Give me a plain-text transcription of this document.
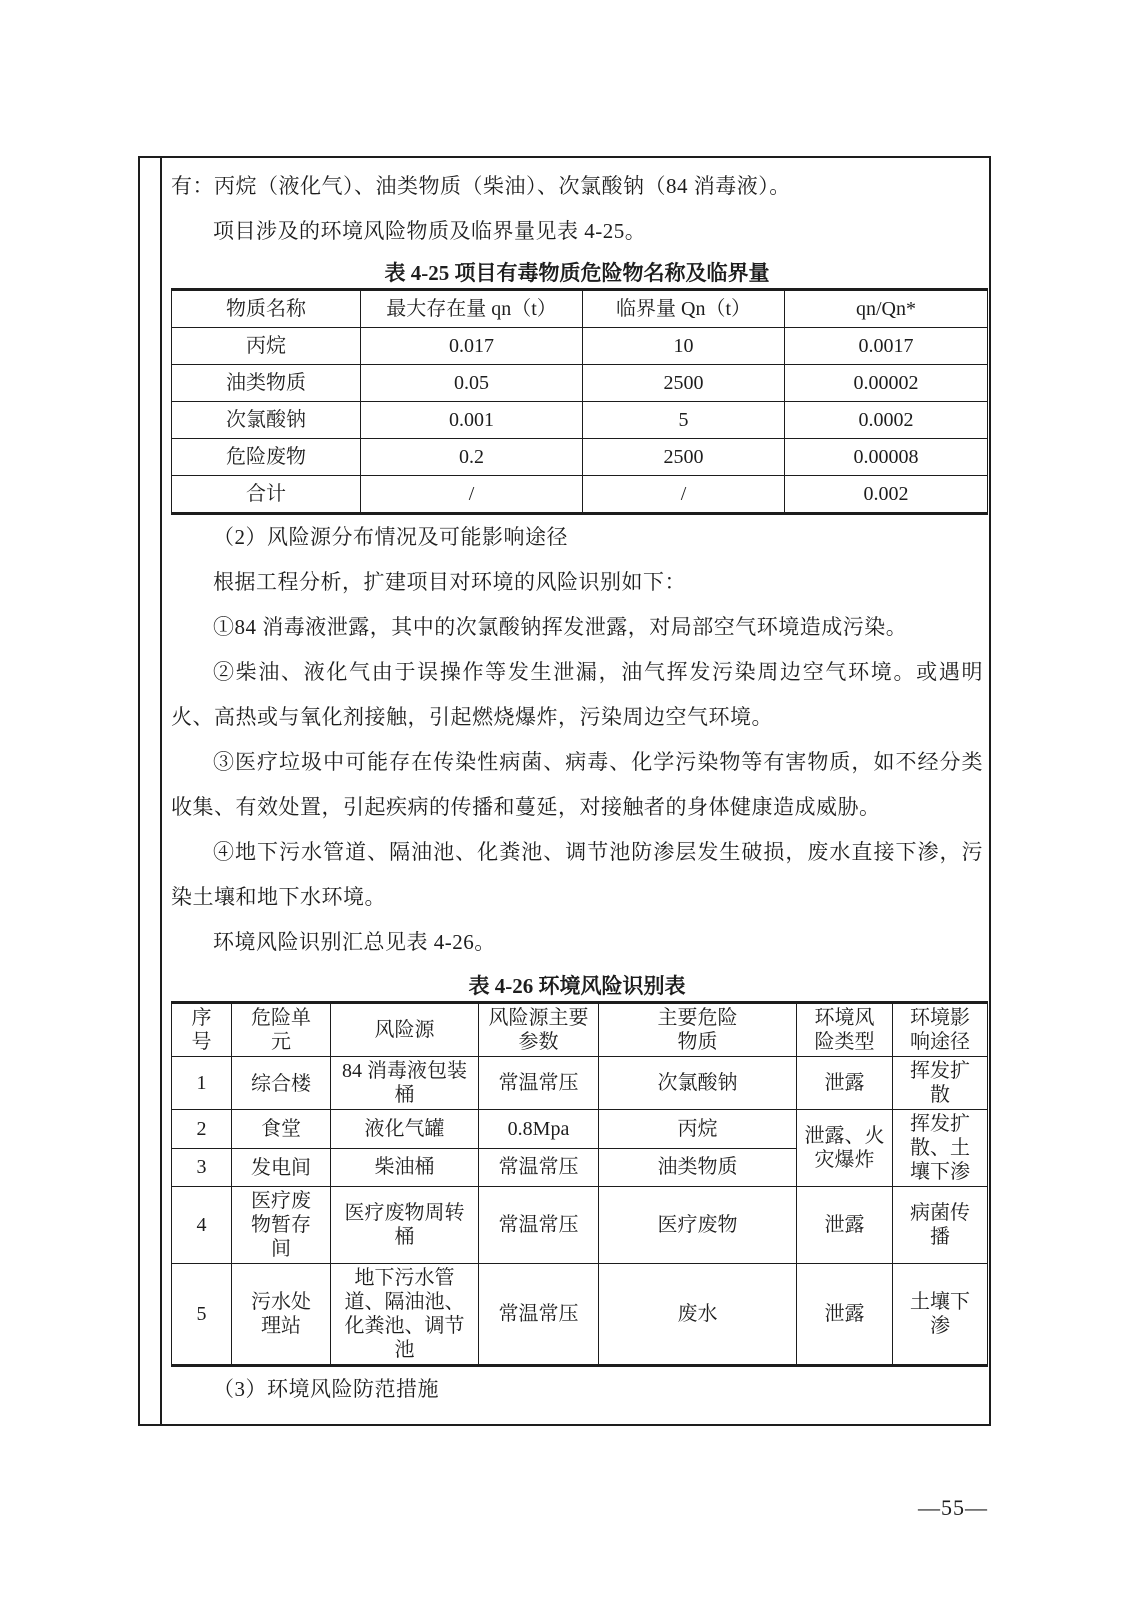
有：丙烷（液化气）、油类物质（柴油）、次氯酸钠（84 消毒液）。

项目涉及的环境风险物质及临界量见表 4-25。

表 4-25 项目有毒物质危险物名称及临界量
物质名称	最大存在量 qn（t）	临界量 Qn（t）	qn/Qn*
丙烷	0.017	10	0.0017
油类物质	0.05	2500	0.00002
次氯酸钠	0.001	5	0.0002
危险废物	0.2	2500	0.00008
合计	/	/	0.002

（2）风险源分布情况及可能影响途径

根据工程分析，扩建项目对环境的风险识别如下：

①84 消毒液泄露，其中的次氯酸钠挥发泄露，对局部空气环境造成污染。

②柴油、液化气由于误操作等发生泄漏，油气挥发污染周边空气环境。或遇明火、高热或与氧化剂接触，引起燃烧爆炸，污染周边空气环境。

③医疗垃圾中可能存在传染性病菌、病毒、化学污染物等有害物质，如不经分类收集、有效处置，引起疾病的传播和蔓延，对接触者的身体健康造成威胁。

④地下污水管道、隔油池、化粪池、调节池防渗层发生破损，废水直接下渗，污染土壤和地下水环境。

环境风险识别汇总见表 4-26。

表 4-26 环境风险识别表
序号	危险单元	风险源	风险源主要参数	主要危险物质	环境风险类型	环境影响途径
1	综合楼	84 消毒液包装桶	常温常压	次氯酸钠	泄露	挥发扩散
2	食堂	液化气罐	0.8Mpa	丙烷	泄露、火灾爆炸	挥发扩散、土壤下渗
3	发电间	柴油桶	常温常压	油类物质		
4	医疗废物暂存间	医疗废物周转桶	常温常压	医疗废物	泄露	病菌传播
5	污水处理站	地下污水管道、隔油池、化粪池、调节池	常温常压	废水	泄露	土壤下渗

（3）环境风险防范措施

—55—
